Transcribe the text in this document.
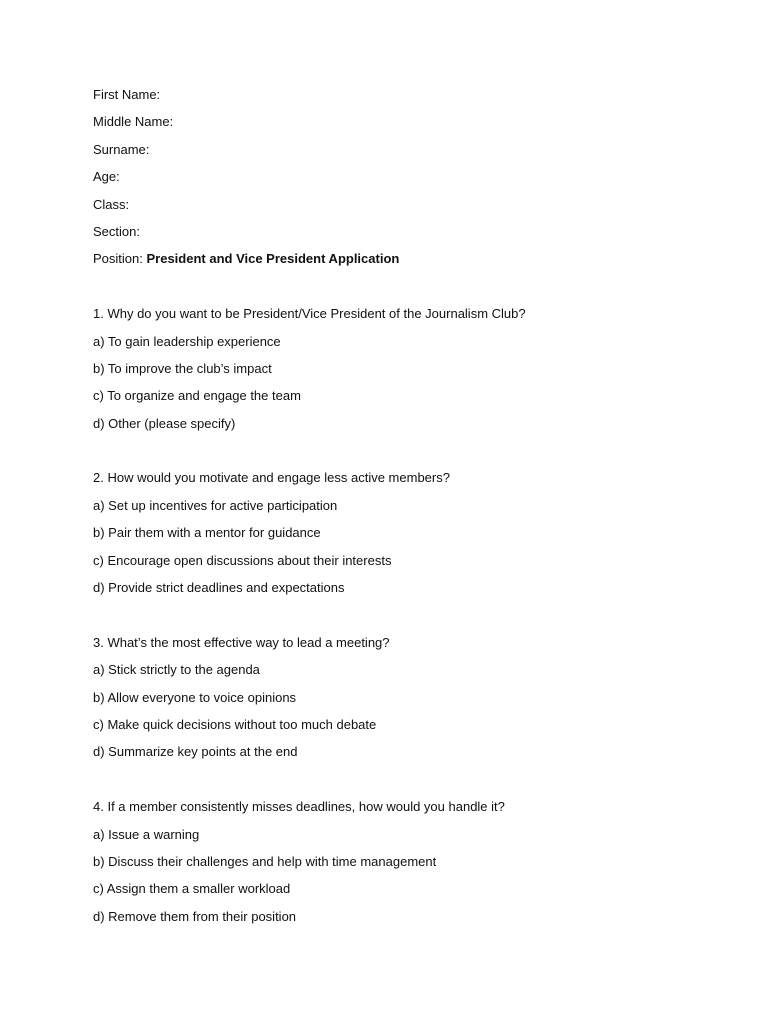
First Name:
Middle Name:
Surname:
Age:
Class:
Section:
Position: President and Vice President Application
1. Why do you want to be President/Vice President of the Journalism Club?
a) To gain leadership experience
b) To improve the club’s impact
c) To organize and engage the team
d) Other (please specify)
2. How would you motivate and engage less active members?
a) Set up incentives for active participation
b) Pair them with a mentor for guidance
c) Encourage open discussions about their interests
d) Provide strict deadlines and expectations
3. What’s the most effective way to lead a meeting?
a) Stick strictly to the agenda
b) Allow everyone to voice opinions
c) Make quick decisions without too much debate
d) Summarize key points at the end
4. If a member consistently misses deadlines, how would you handle it?
a) Issue a warning
b) Discuss their challenges and help with time management
c) Assign them a smaller workload
d) Remove them from their position
